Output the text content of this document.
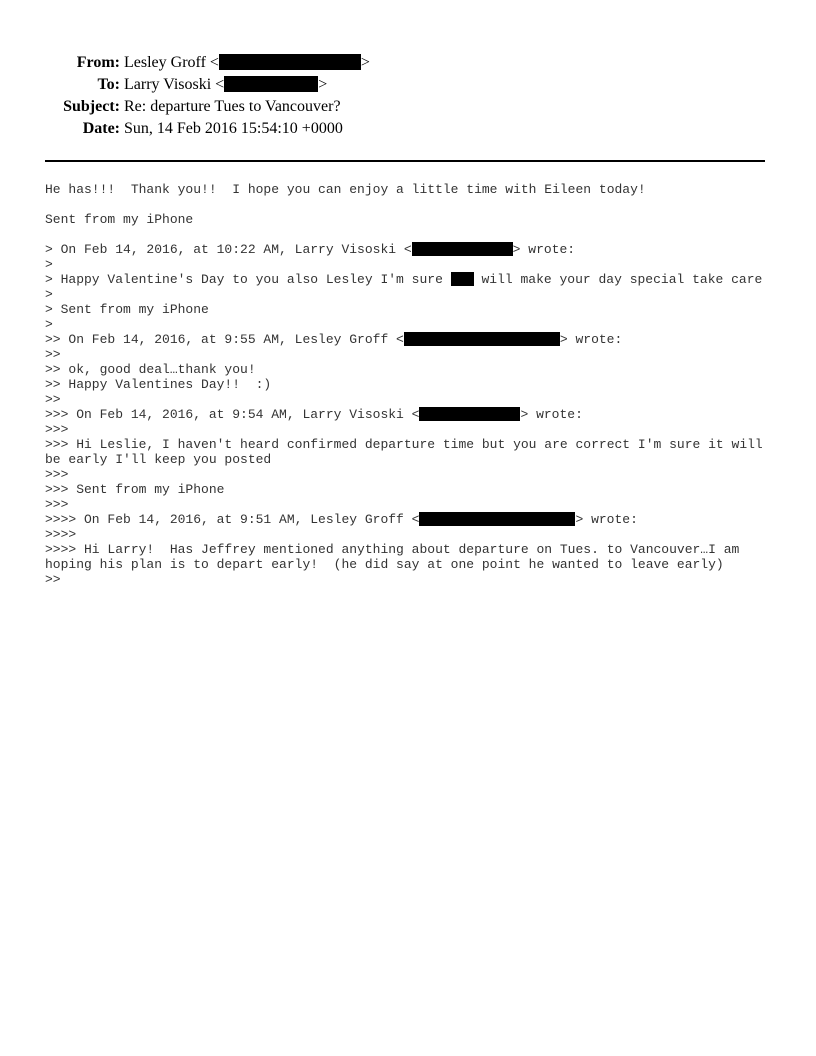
From: Lesley Groff <	>
To: Larry Visoski <	>
Subject: Re: departure Tues to Vancouver?
Date: Sun, 14 Feb 2016 15:54:10 +0000
He has!!!  Thank you!!  I hope you can enjoy a little time with Eileen today!
Sent from my iPhone
> On Feb 14, 2016, at 10:22 AM, Larry Visoski <	> wrote:
>
> Happy Valentine's Day to you also Lesley I'm sure  will make your day special take care
>
> Sent from my iPhone
>
>> On Feb 14, 2016, at 9:55 AM, Lesley Groff <	> wrote:
>>
>> ok, good deal…thank you!
>> Happy Valentines Day!!  :)
>>
>>> On Feb 14, 2016, at 9:54 AM, Larry Visoski <	> wrote:
>>>
>>> Hi Leslie, I haven't heard confirmed departure time but you are correct I'm sure it will be early I'll keep you posted
>>>
>>> Sent from my iPhone
>>>
>>>> On Feb 14, 2016, at 9:51 AM, Lesley Groff <	> wrote:
>>>>
>>>> Hi Larry!  Has Jeffrey mentioned anything about departure on Tues. to Vancouver…I am hoping his plan is to depart early!  (he did say at one point he wanted to leave early)
>>
